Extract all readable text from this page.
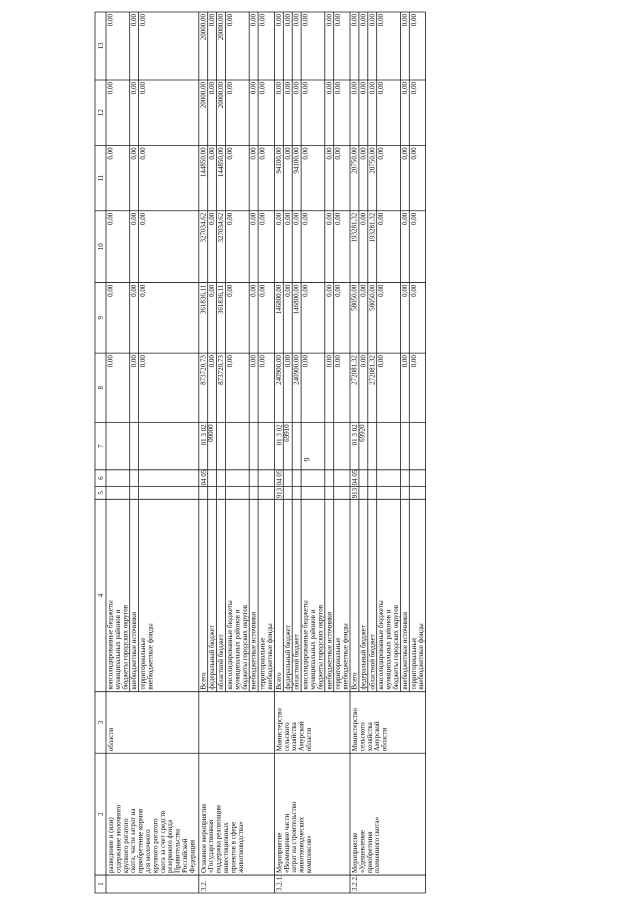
9
1
2
3
4
5
6
7
8
9
10
11
12
13
консолидированные бюджеты муниципальных районов и бюджеты городских округов
0,00
0,00
0,00
0,00
0,00
0,00
внебюджетные источники
0,00
0,00
0,00
0,00
0,00
0,00
территориальные внебюджетные фонды
0,00
0,00
0,00
0,00
0,00
0,00
разведение и (или) содержание молочного крупного рогатого скота, части затрат на приобретение кормов для молочного крупного рогатого скота за счет средств резервного фонда Правительства Российской Федерации
области
Всего
873720,73
361836,11
327034,62
144850,00
20000,00
20000,00
федеральный бюджет
0,00
0,00
0,00
0,00
0,00
0,00
областной бюджет
873720,73
361836,11
327034,62
144850,00
20000,00
20000,00
консолидированные бюджеты муниципальных районов и бюджеты городских округов
0,00
0,00
0,00
0,00
0,00
0,00
внебюджетные источники
0,00
0,00
0,00
0,00
0,00
0,00
территориальные внебюджетные фонды
0,00
0,00
0,00
0,00
0,00
0,00
3.2.
Основное мероприятие «Государственная поддержка реализации инвестиционных проектов в сфере животноводства»
04 05
01 3 02 00000
Всего
240900,00
146800,00
0,00
94100,00
0,00
0,00
федеральный бюджет
0,00
0,00
0,00
0,00
0,00
0,00
областной бюджет
240900,00
146800,00
0,00
94100,00
0,00
0,00
консолидированные бюджеты муниципальных районов и бюджеты городских округов
0,00
0,00
0,00
0,00
0,00
0,00
внебюджетные источники
0,00
0,00
0,00
0,00
0,00
0,00
территориальные внебюджетные фонды
0,00
0,00
0,00
0,00
0,00
0,00
3.2.1.
Мероприятие «Возмещение части затрат на строительство животноводческих комплексов»
Министерство сельского хозяйства Амурской области
913
04 05
01 3 02 69910
Всего
272081,32
58050,00
193281,32
20750,00
0,00
0,00
федеральный бюджет
0,00
0,00
0,00
0,00
0,00
0,00
областной бюджет
272081,32
58050,00
193281,32
20750,00
0,00
0,00
консолидированные бюджеты муниципальных районов и бюджеты городских округов
0,00
0,00
0,00
0,00
0,00
0,00
внебюджетные источники
0,00
0,00
0,00
0,00
0,00
0,00
территориальные внебюджетные фонды
0,00
0,00
0,00
0,00
0,00
0,00
3.2.2.
Мероприятие «Удешевление приобретения племенного скота»
Министерство сельского хозяйства Амурской области
913
04 05
01 3 02 69920
